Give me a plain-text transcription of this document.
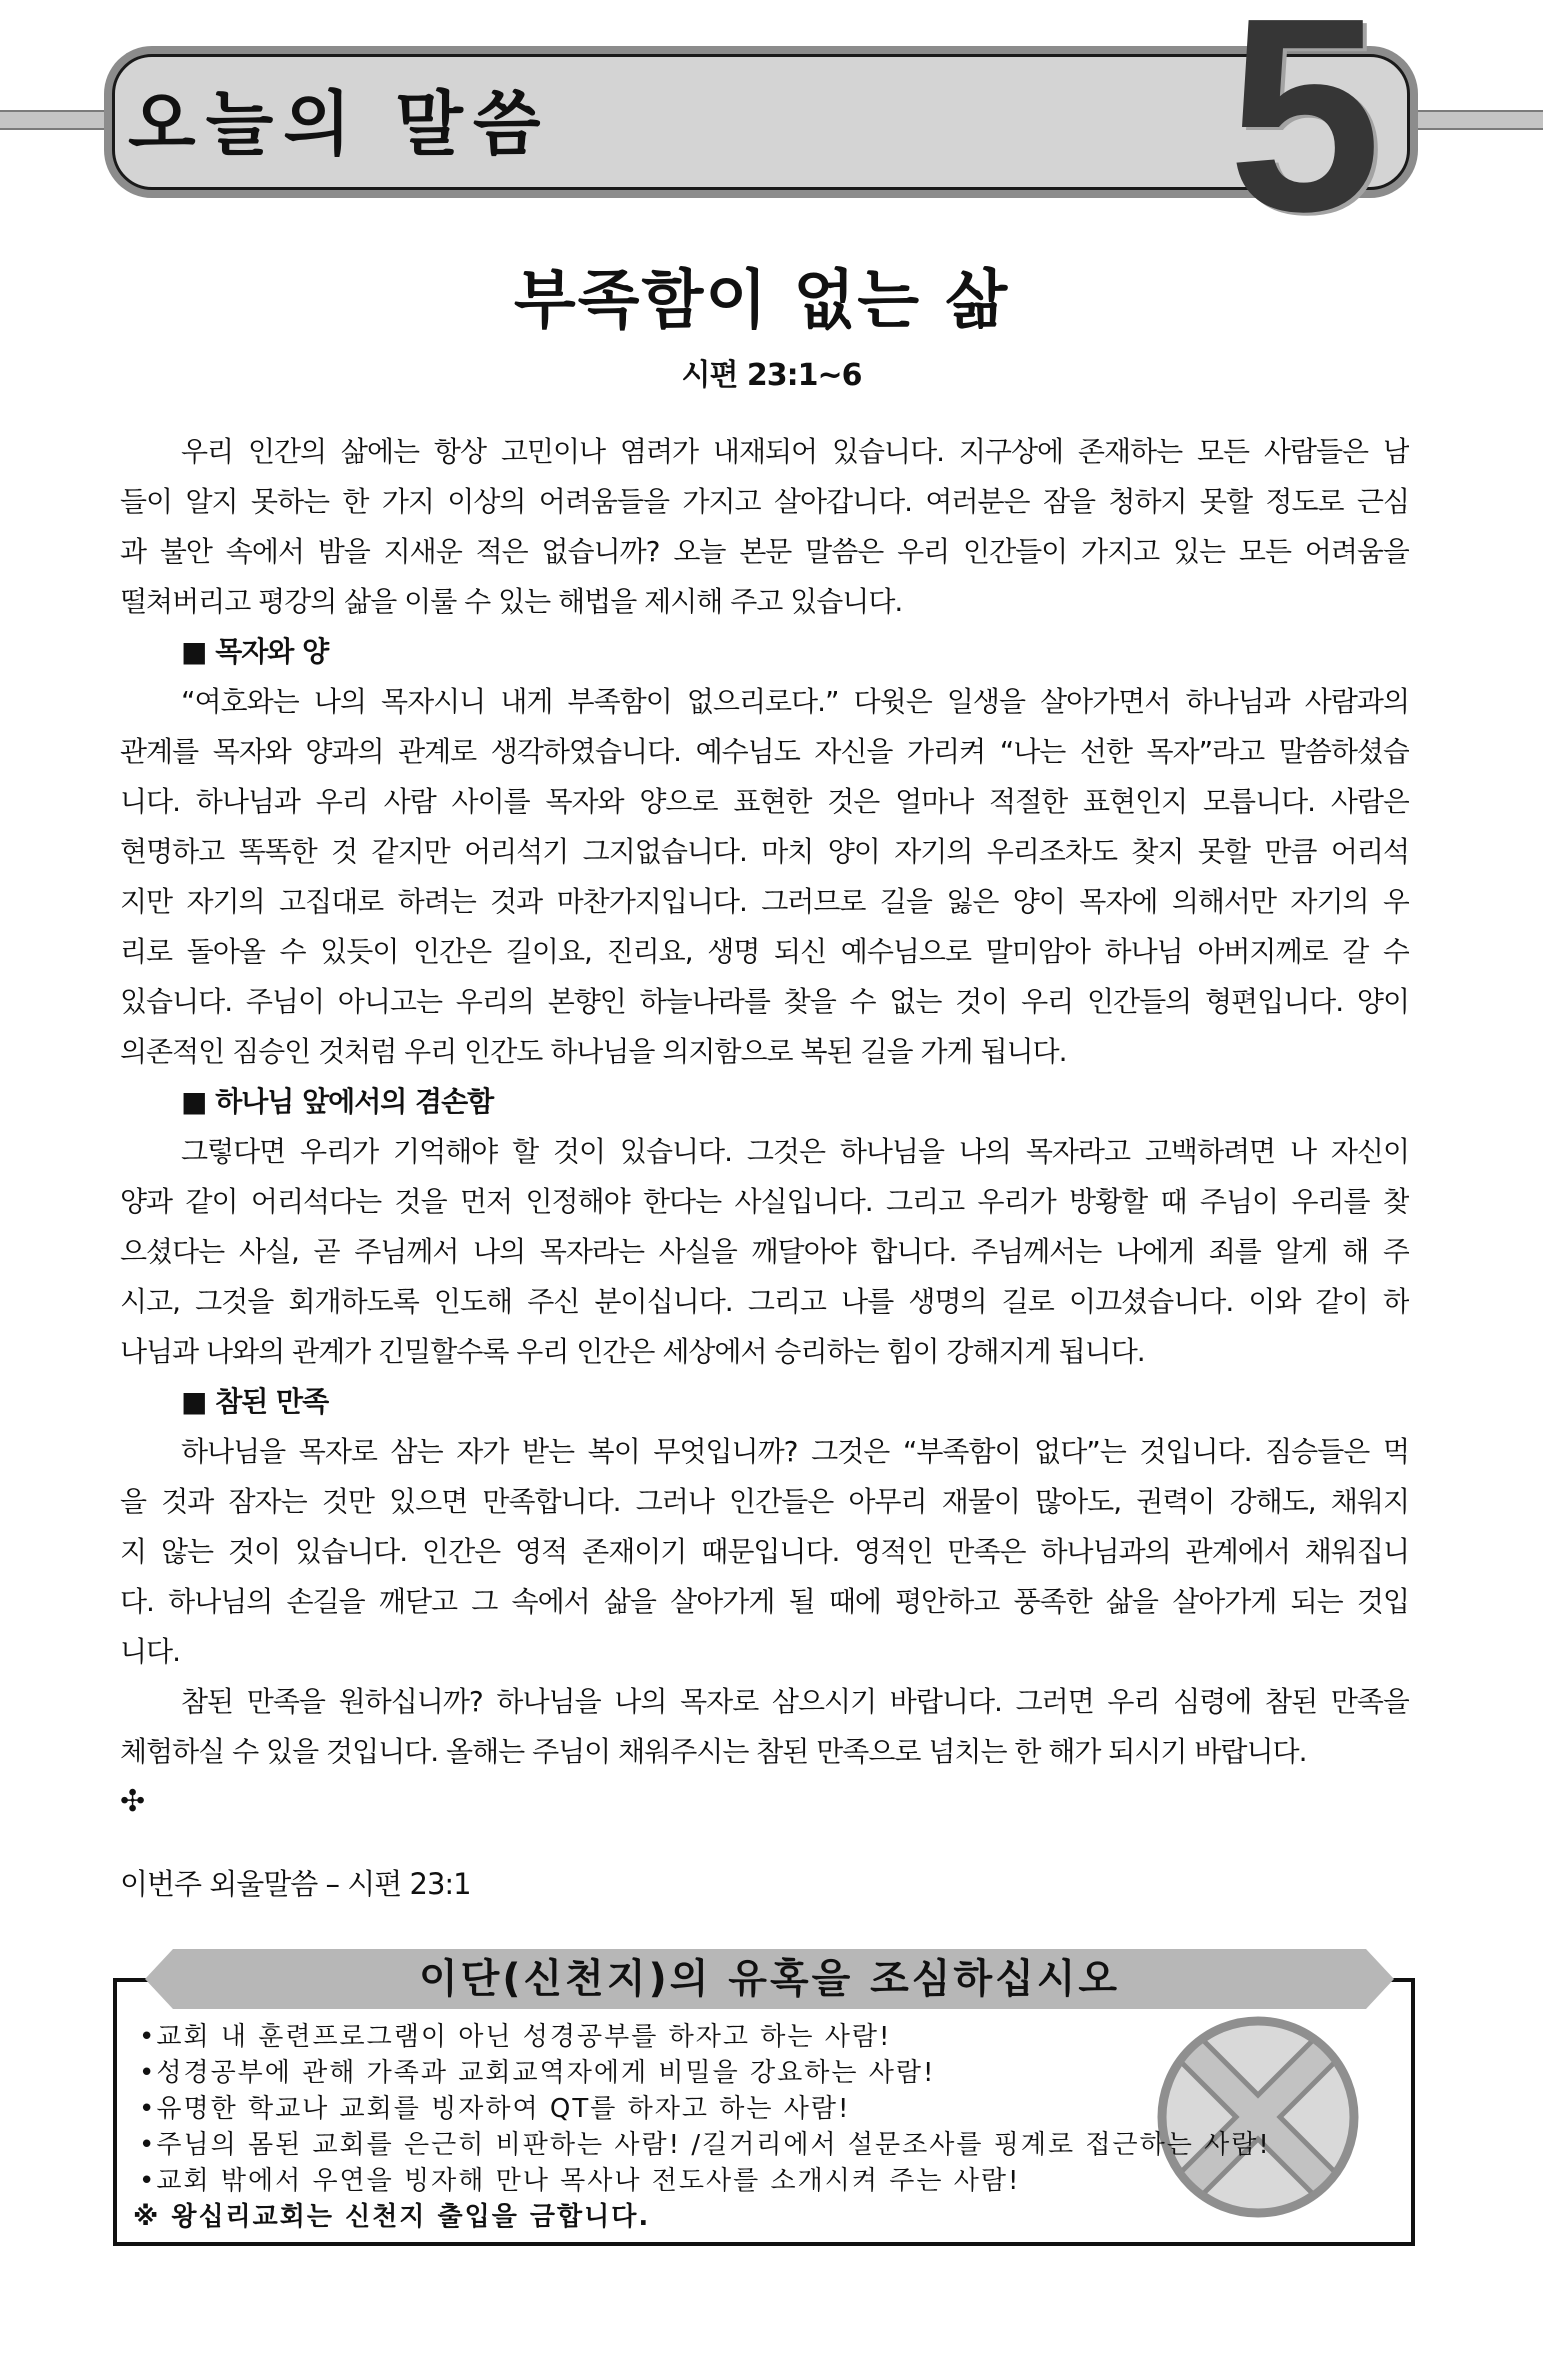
오늘의 말씀 5
부족함이 없는 삶
시편 23:1~6
우리 인간의 삶에는 항상 고민이나 염려가 내재되어 있습니다. 지구상에 존재하는 모든 사람들은 남
들이 알지 못하는 한 가지 이상의 어려움들을 가지고 살아갑니다. 여러분은 잠을 청하지 못할 정도로 근심
과 불안 속에서 밤을 지새운 적은 없습니까? 오늘 본문 말씀은 우리 인간들이 가지고 있는 모든 어려움을
떨쳐버리고 평강의 삶을 이룰 수 있는 해법을 제시해 주고 있습니다.
■ 목자와 양
“여호와는 나의 목자시니 내게 부족함이 없으리로다.” 다윗은 일생을 살아가면서 하나님과 사람과의
관계를 목자와 양과의 관계로 생각하였습니다. 예수님도 자신을 가리켜 “나는 선한 목자”라고 말씀하셨습
니다. 하나님과 우리 사람 사이를 목자와 양으로 표현한 것은 얼마나 적절한 표현인지 모릅니다. 사람은
현명하고 똑똑한 것 같지만 어리석기 그지없습니다. 마치 양이 자기의 우리조차도 찾지 못할 만큼 어리석
지만 자기의 고집대로 하려는 것과 마찬가지입니다. 그러므로 길을 잃은 양이 목자에 의해서만 자기의 우
리로 돌아올 수 있듯이 인간은 길이요, 진리요, 생명 되신 예수님으로 말미암아 하나님 아버지께로 갈 수
있습니다. 주님이 아니고는 우리의 본향인 하늘나라를 찾을 수 없는 것이 우리 인간들의 형편입니다. 양이
의존적인 짐승인 것처럼 우리 인간도 하나님을 의지함으로 복된 길을 가게 됩니다.
■ 하나님 앞에서의 겸손함
그렇다면 우리가 기억해야 할 것이 있습니다. 그것은 하나님을 나의 목자라고 고백하려면 나 자신이
양과 같이 어리석다는 것을 먼저 인정해야 한다는 사실입니다. 그리고 우리가 방황할 때 주님이 우리를 찾
으셨다는 사실, 곧 주님께서 나의 목자라는 사실을 깨달아야 합니다. 주님께서는 나에게 죄를 알게 해 주
시고, 그것을 회개하도록 인도해 주신 분이십니다. 그리고 나를 생명의 길로 이끄셨습니다. 이와 같이 하
나님과 나와의 관계가 긴밀할수록 우리 인간은 세상에서 승리하는 힘이 강해지게 됩니다.
■ 참된 만족
하나님을 목자로 삼는 자가 받는 복이 무엇입니까? 그것은 “부족함이 없다”는 것입니다. 짐승들은 먹
을 것과 잠자는 것만 있으면 만족합니다. 그러나 인간들은 아무리 재물이 많아도, 권력이 강해도, 채워지
지 않는 것이 있습니다. 인간은 영적 존재이기 때문입니다. 영적인 만족은 하나님과의 관계에서 채워집니
다. 하나님의 손길을 깨닫고 그 속에서 삶을 살아가게 될 때에 평안하고 풍족한 삶을 살아가게 되는 것입
니다.
참된 만족을 원하십니까? 하나님을 나의 목자로 삼으시기 바랍니다. 그러면 우리 심령에 참된 만족을
체험하실 수 있을 것입니다. 올해는 주님이 채워주시는 참된 만족으로 넘치는 한 해가 되시기 바랍니다.
✣
이번주 외울말씀 – 시편 23:1
이단(신천지)의 유혹을 조심하십시오
•교회 내 훈련프로그램이 아닌 성경공부를 하자고 하는 사람!
•성경공부에 관해 가족과 교회교역자에게 비밀을 강요하는 사람!
•유명한 학교나 교회를 빙자하여 QT를 하자고 하는 사람!
•주님의 몸된 교회를 은근히 비판하는 사람! /길거리에서 설문조사를 핑계로 접근하는 사람!
•교회 밖에서 우연을 빙자해 만나 목사나 전도사를 소개시켜 주는 사람!
※ 왕십리교회는 신천지 출입을 금합니다.
